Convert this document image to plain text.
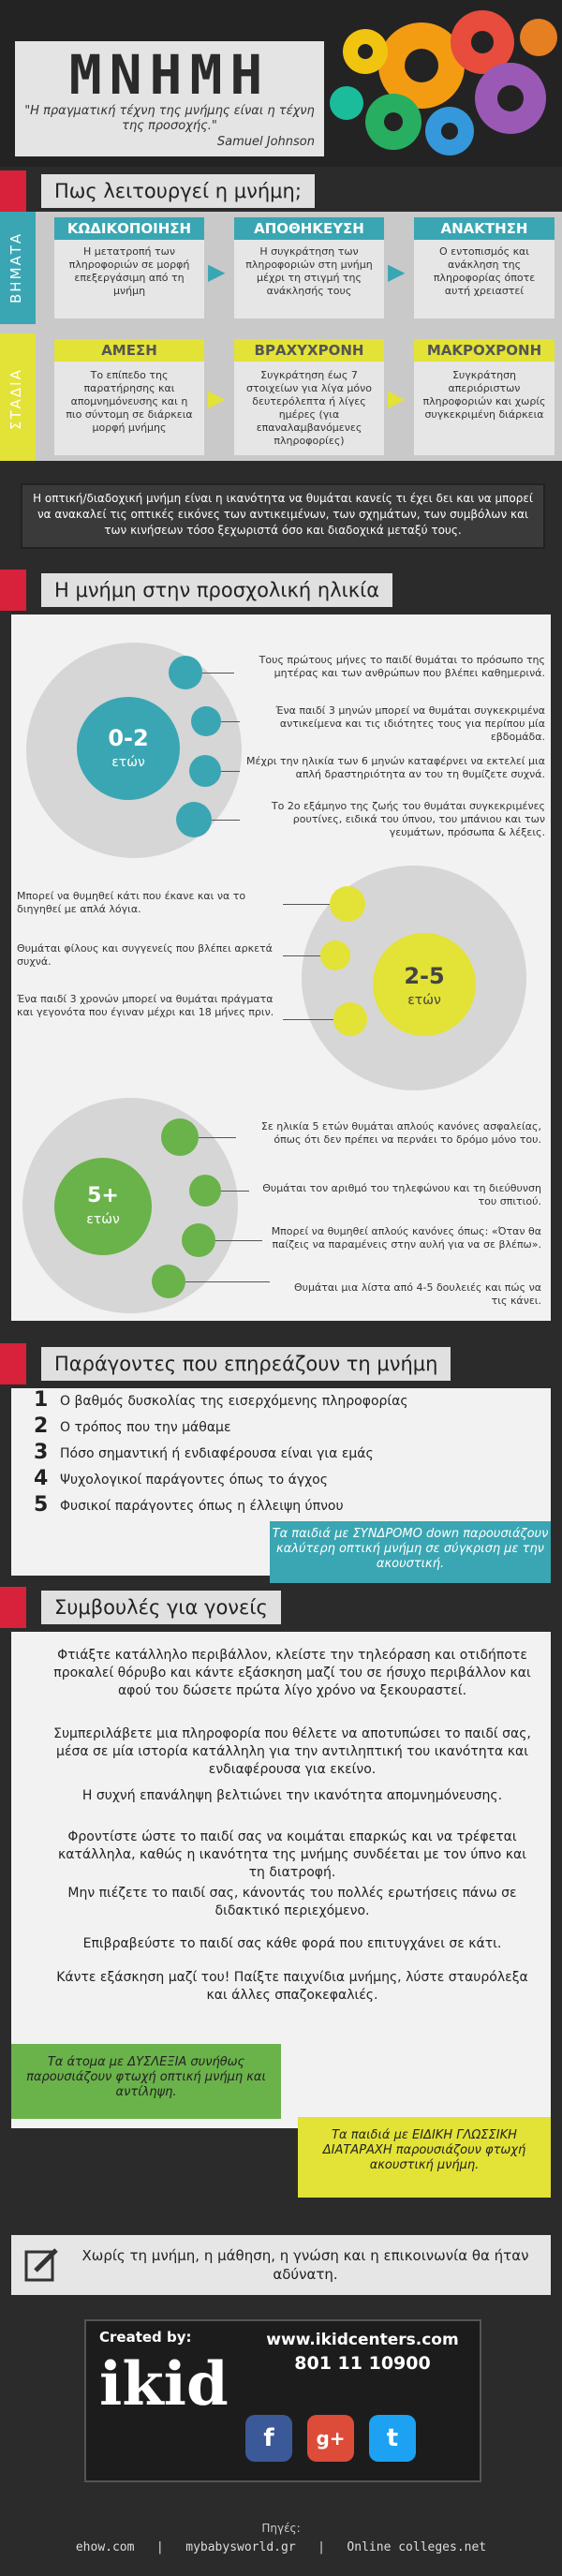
ΜΝΗΜΗ
"Η πραγματική τέχνη της μνήμης είναι η τέχνη της προσοχής."
Samuel Johnson
Πως λειτουργεί η μνήμη;
ΒΗΜΑΤΑ
ΣΤΑΔΙΑ
ΚΩΔΙΚΟΠΟΙΗΣΗ
Η μετατροπή των πληροφοριών σε μορφή επεξεργάσιμη από τη μνήμη
▶
ΑΠΟΘΗΚΕΥΣΗ
Η συγκράτηση των πληροφοριών στη μνήμη μέχρι τη στιγμή της ανάκλησής τους
▶
ΑΝΑΚΤΗΣΗ
Ο εντοπισμός και ανάκληση της πληροφορίας όποτε αυτή χρειαστεί
ΑΜΕΣΗ
Το επίπεδο της παρατήρησης και απομνημόνευσης και η πιο σύντομη σε διάρκεια μορφή μνήμης
▶
ΒΡΑΧΥΧΡΟΝΗ
Συγκράτηση έως 7 στοιχείων για λίγα μόνο δευτερόλεπτα ή λίγες ημέρες (για επαναλαμβανόμενες πληροφορίες)
▶
ΜΑΚΡΟΧΡΟΝΗ
Συγκράτηση απεριόριστων πληροφοριών και χωρίς συγκεκριμένη διάρκεια
Η οπτική/διαδοχική μνήμη είναι η ικανότητα να θυμάται κανείς τι έχει δει και να μπορεί να ανακαλεί τις οπτικές εικόνες των αντικειμένων, των σχημάτων, των συμβόλων και των κινήσεων τόσο ξεχωριστά όσο και διαδοχικά μεταξύ τους.
Η μνήμη στην προσχολική ηλικία
0-2
ετών
Τους πρώτους μήνες το παιδί θυμάται το πρόσωπο της μητέρας και των ανθρώπων που βλέπει καθημερινά.
Ένα παιδί 3 μηνών μπορεί να θυμάται συγκεκριμένα αντικείμενα και τις ιδιότητες τους για περίπου μία εβδομάδα.
Μέχρι την ηλικία των 6 μηνών καταφέρνει να εκτελεί μια απλή δραστηριότητα αν του τη θυμίζετε συχνά.
Το 2ο εξάμηνο της ζωής του θυμάται συγκεκριμένες ρουτίνες, ειδικά του ύπνου, του μπάνιου και των γευμάτων, πρόσωπα & λέξεις.
2-5
ετών
Μπορεί να θυμηθεί κάτι που έκανε και να το διηγηθεί με απλά λόγια.
Θυμάται φίλους και συγγενείς που βλέπει αρκετά συχνά.
Ένα παιδί 3 χρονών μπορεί να θυμάται πράγματα και γεγονότα που έγιναν μέχρι και 18 μήνες πριν.
5+
ετών
Σε ηλικία 5 ετών θυμάται απλούς κανόνες ασφαλείας, όπως ότι δεν πρέπει να περνάει το δρόμο μόνο του.
Θυμάται τον αριθμό του τηλεφώνου και τη διεύθυνση του σπιτιού.
Μπορεί να θυμηθεί απλούς κανόνες όπως: «Όταν θα παίζεις να παραμένεις στην αυλή για να σε βλέπω».
Θυμάται μια λίστα από 4-5 δουλειές και πώς να τις κάνει.
Παράγοντες που επηρεάζουν τη μνήμη
1 Ο βαθμός δυσκολίας της εισερχόμενης πληροφορίας
2 Ο τρόπος που την μάθαμε
3 Πόσο σημαντική ή ενδιαφέρουσα είναι για εμάς
4 Ψυχολογικοί παράγοντες όπως το άγχος
5 Φυσικοί παράγοντες όπως η έλλειψη ύπνου
Τα παιδιά με ΣΥΝΔΡΟΜΟ down παρουσιάζουν καλύτερη οπτική μνήμη σε σύγκριση με την ακουστική.
Συμβουλές για γονείς
Φτιάξτε κατάλληλο περιβάλλον, κλείστε την τηλεόραση και οτιδήποτε προκαλεί θόρυβο και κάντε εξάσκηση μαζί του σε ήσυχο περιβάλλον και αφού του δώσετε πρώτα λίγο χρόνο να ξεκουραστεί.
Συμπεριλάβετε μια πληροφορία που θέλετε να αποτυπώσει το παιδί σας, μέσα σε μία ιστορία κατάλληλη για την αντιληπτική του ικανότητα και ενδιαφέρουσα για εκείνο.
Η συχνή επανάληψη βελτιώνει την ικανότητα απομνημόνευσης.
Φροντίστε ώστε το παιδί σας να κοιμάται επαρκώς και να τρέφεται κατάλληλα, καθώς η ικανότητα της μνήμης συνδέεται με τον ύπνο και τη διατροφή.
Μην πιέζετε το παιδί σας, κάνοντάς του πολλές ερωτήσεις πάνω σε διδακτικό περιεχόμενο.
Επιβραβεύστε το παιδί σας κάθε φορά που επιτυγχάνει σε κάτι.
Κάντε εξάσκηση μαζί του! Παίξτε παιχνίδια μνήμης, λύστε σταυρόλεξα και άλλες σπαζοκεφαλιές.
Τα άτομα με ΔΥΣΛΕΞΙΑ συνήθως παρουσιάζουν φτωχή οπτική μνήμη και αντίληψη.
Τα παιδιά με ΕΙΔΙΚΗ ΓΛΩΣΣΙΚΗ ΔΙΑΤΑΡΑΧΗ παρουσιάζουν φτωχή ακουστική μνήμη.
Χωρίς τη μνήμη, η μάθηση, η γνώση και η επικοινωνία θα ήταν αδύνατη.
Created by:
ikid
www.ikidcenters.com
801 11 10900
f	g+	t
Πηγές:
ehow.com   |   mybabysworld.gr   |   Online colleges.net
